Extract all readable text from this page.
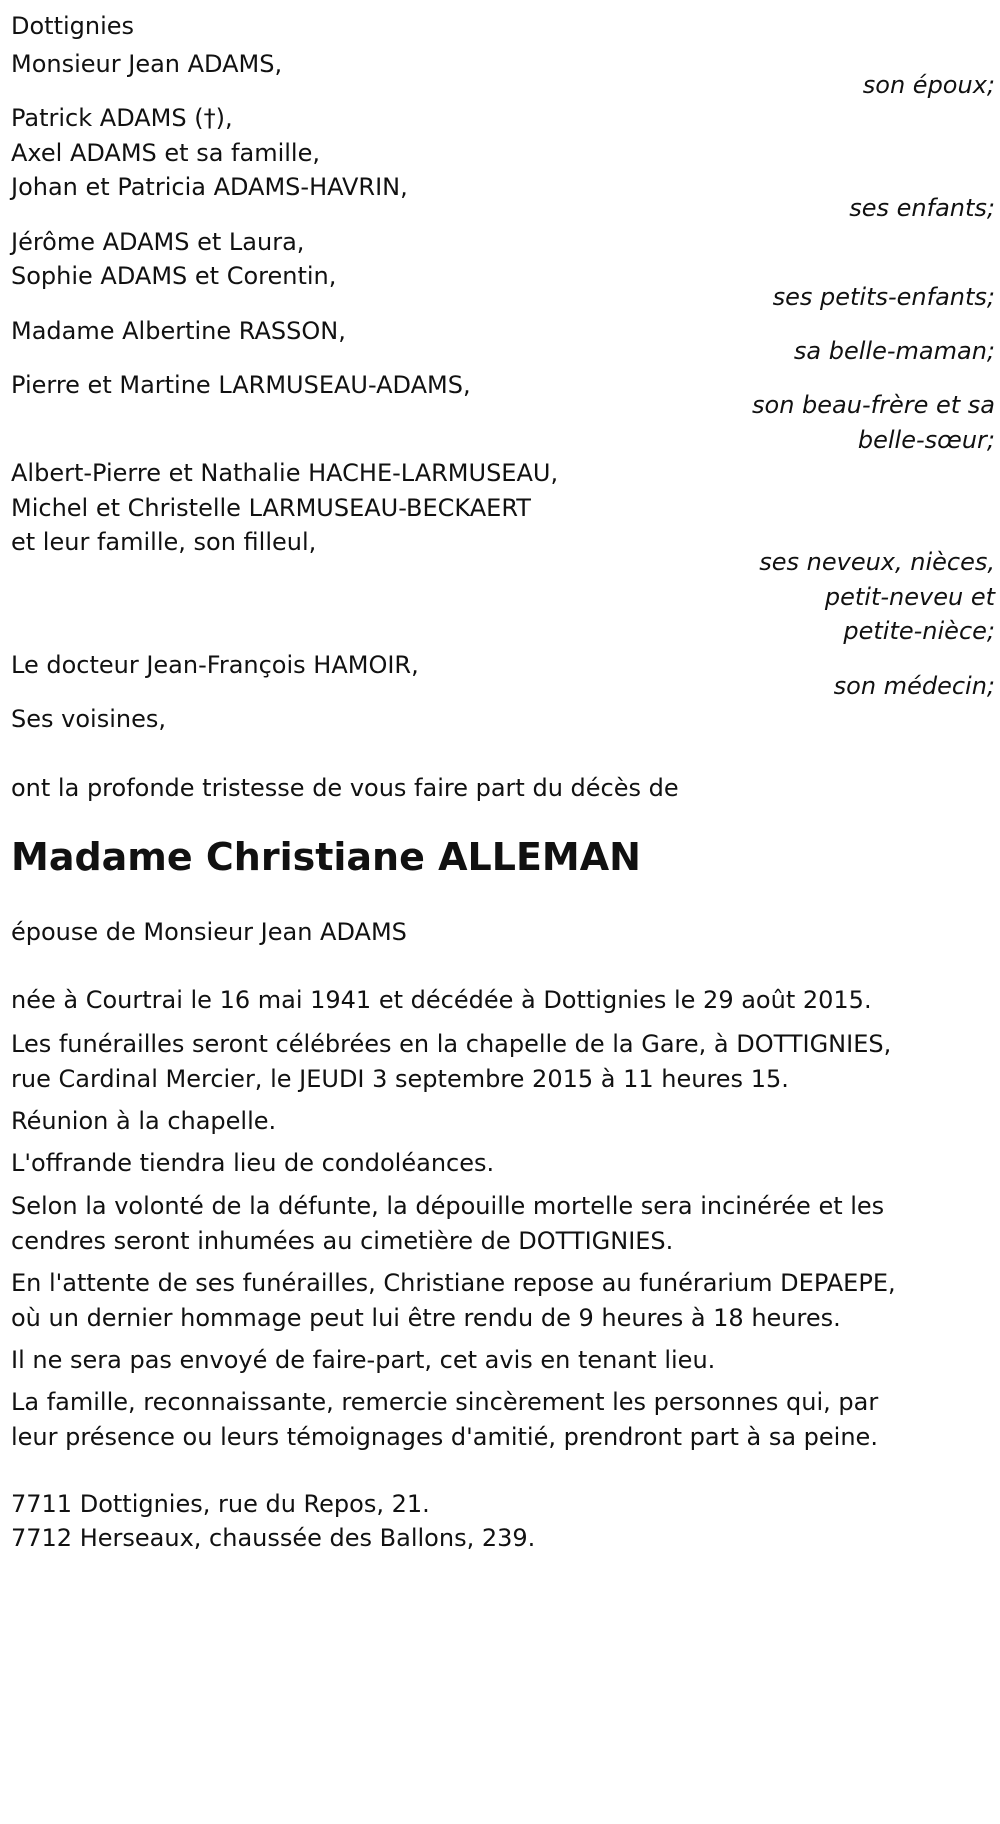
Dottignies
Monsieur Jean ADAMS,
son époux;
Patrick ADAMS (†),
Axel ADAMS et sa famille,
Johan et Patricia ADAMS-HAVRIN,
ses enfants;
Jérôme ADAMS et Laura,
Sophie ADAMS et Corentin,
ses petits-enfants;
Madame Albertine RASSON,
sa belle-maman;
Pierre et Martine LARMUSEAU-ADAMS,
son beau-frère et sa
belle-sœur;
Albert-Pierre et Nathalie HACHE-LARMUSEAU,
Michel et Christelle LARMUSEAU-BECKAERT
et leur famille, son filleul,
ses neveux, nièces,
petit-neveu et
petite-nièce;
Le docteur Jean-François HAMOIR,
son médecin;
Ses voisines,
ont la profonde tristesse de vous faire part du décès de
Madame Christiane ALLEMAN
épouse de Monsieur Jean ADAMS
née à Courtrai le 16 mai 1941 et décédée à Dottignies le 29 août 2015.
Les funérailles seront célébrées en la chapelle de la Gare, à DOTTIGNIES,
rue Cardinal Mercier, le JEUDI 3 septembre 2015 à 11 heures 15.
Réunion à la chapelle.
L'offrande tiendra lieu de condoléances.
Selon la volonté de la défunte, la dépouille mortelle sera incinérée et les
cendres seront inhumées au cimetière de DOTTIGNIES.
En l'attente de ses funérailles, Christiane repose au funérarium DEPAEPE,
où un dernier hommage peut lui être rendu de 9 heures à 18 heures.
Il ne sera pas envoyé de faire-part, cet avis en tenant lieu.
La famille, reconnaissante, remercie sincèrement les personnes qui, par
leur présence ou leurs témoignages d'amitié, prendront part à sa peine.
7711 Dottignies, rue du Repos, 21.
7712 Herseaux, chaussée des Ballons, 239.
